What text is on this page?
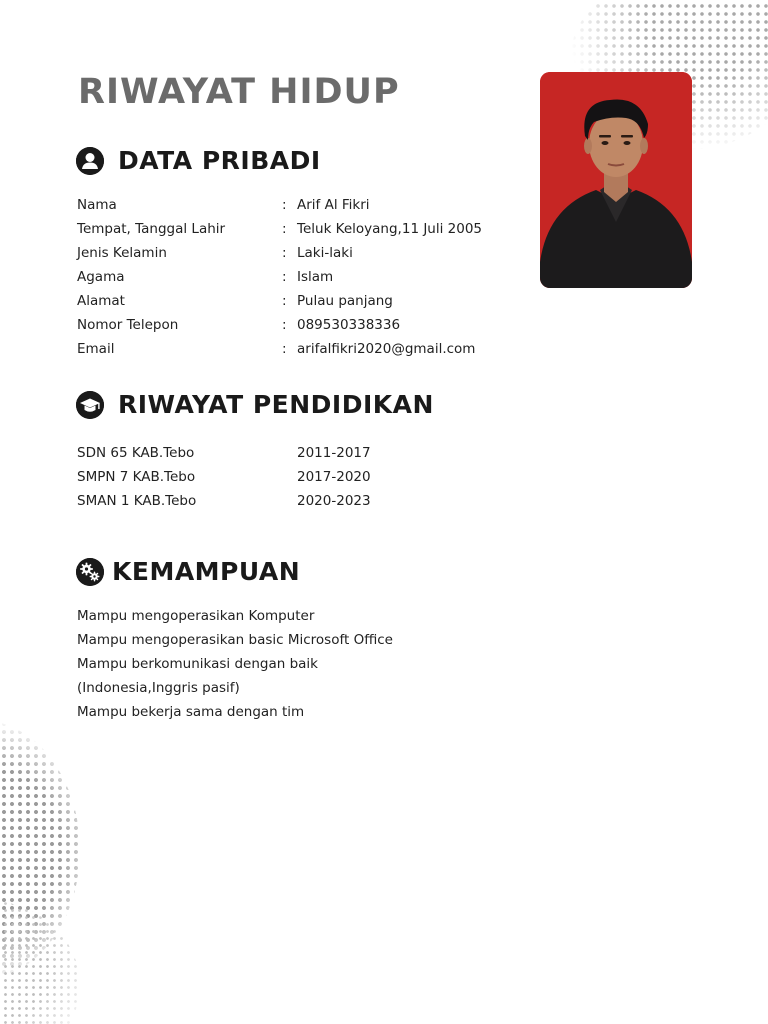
RIWAYAT HIDUP
DATA PRIBADI
Nama	: Arif Al Fikri
Tempat, Tanggal Lahir	: Teluk Keloyang,11 Juli 2005
Jenis Kelamin	: Laki-laki
Agama	: Islam
Alamat	: Pulau panjang
Nomor Telepon	: 089530338336
Email	: arifalfikri2020@gmail.com
RIWAYAT PENDIDIKAN
SDN 65 KAB.Tebo	2011-2017
SMPN 7 KAB.Tebo	2017-2020
SMAN 1 KAB.Tebo	2020-2023
KEMAMPUAN
Mampu mengoperasikan Komputer
Mampu mengoperasikan basic Microsoft Office
Mampu berkomunikasi dengan baik
(Indonesia,Inggris pasif)
Mampu bekerja sama dengan tim
